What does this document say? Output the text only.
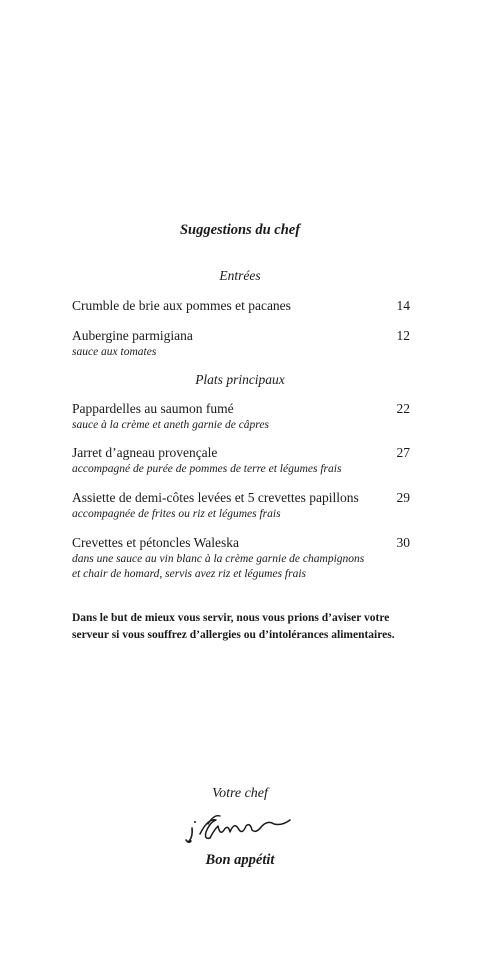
Suggestions du chef
Entrées
Crumble de brie aux pommes et pacanes	14
Aubergine parmigiana	12
sauce aux tomates
Plats principaux
Pappardelles au saumon fumé	22
sauce à la crème et aneth garnie de câpres
Jarret d’agneau provençale	27
accompagné de purée de pommes de terre et légumes frais
Assiette de demi-côtes levées et 5 crevettes papillons	29
accompagnée de frites ou riz et légumes frais
Crevettes et pétoncles Waleska	30
dans une sauce au vin blanc à la crème garnie de champignons
et chair de homard, servis avez riz et légumes frais
Dans le but de mieux vous servir, nous vous prions d’aviser votre serveur si vous souffrez d’allergies ou d’intolérances alimentaires.
Votre chef
Bon appétit
